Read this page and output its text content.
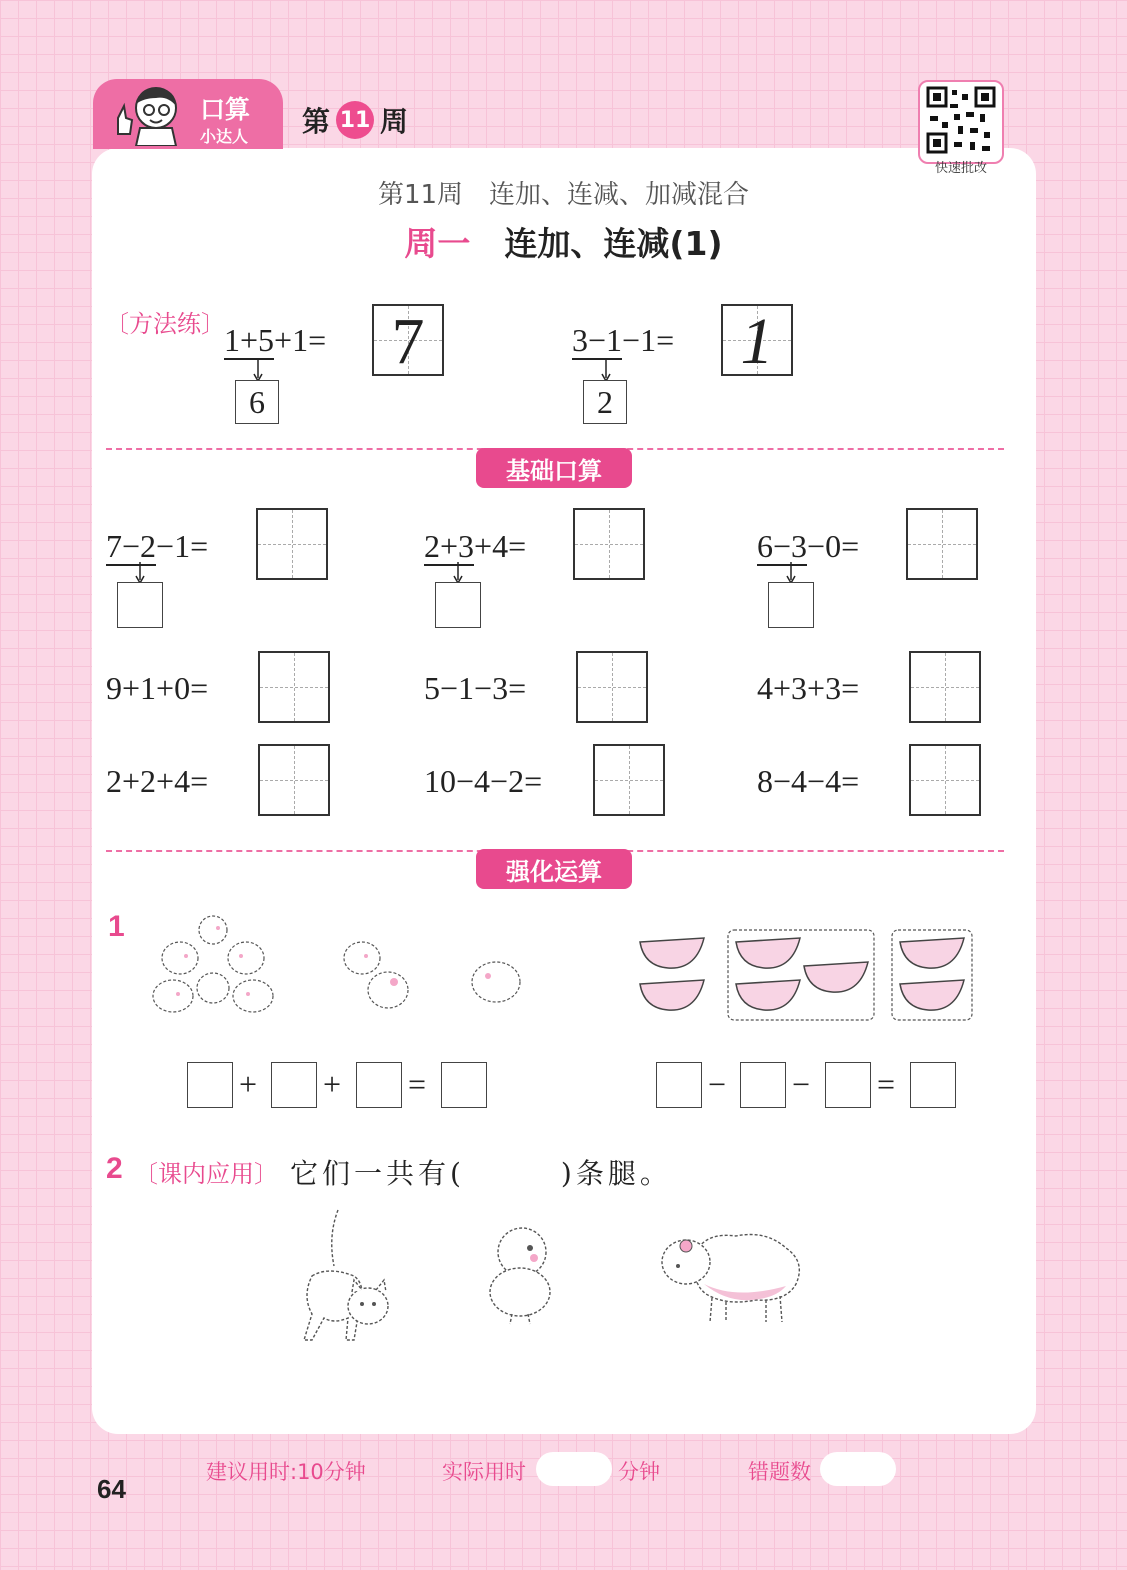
口算
小达人 第 11 周
快速批改
第11周　连加、连减、加减混合
周一 连加、连减(1)
〔方法练〕 1+5+1=
6
7	3−1−1=
2
1
基础口算
7−2−1=	2+3+4=	6−3−0=
9+1+0=	5−1−3=	4+3+3=
2+2+4=	10−4−2=	8−4−4=
强化运算
1
+ + =	− − =
2 〔课内应用〕 它们一共有(　　　)条腿。
建议用时:10分钟	实际用时	分钟	错题数
64
